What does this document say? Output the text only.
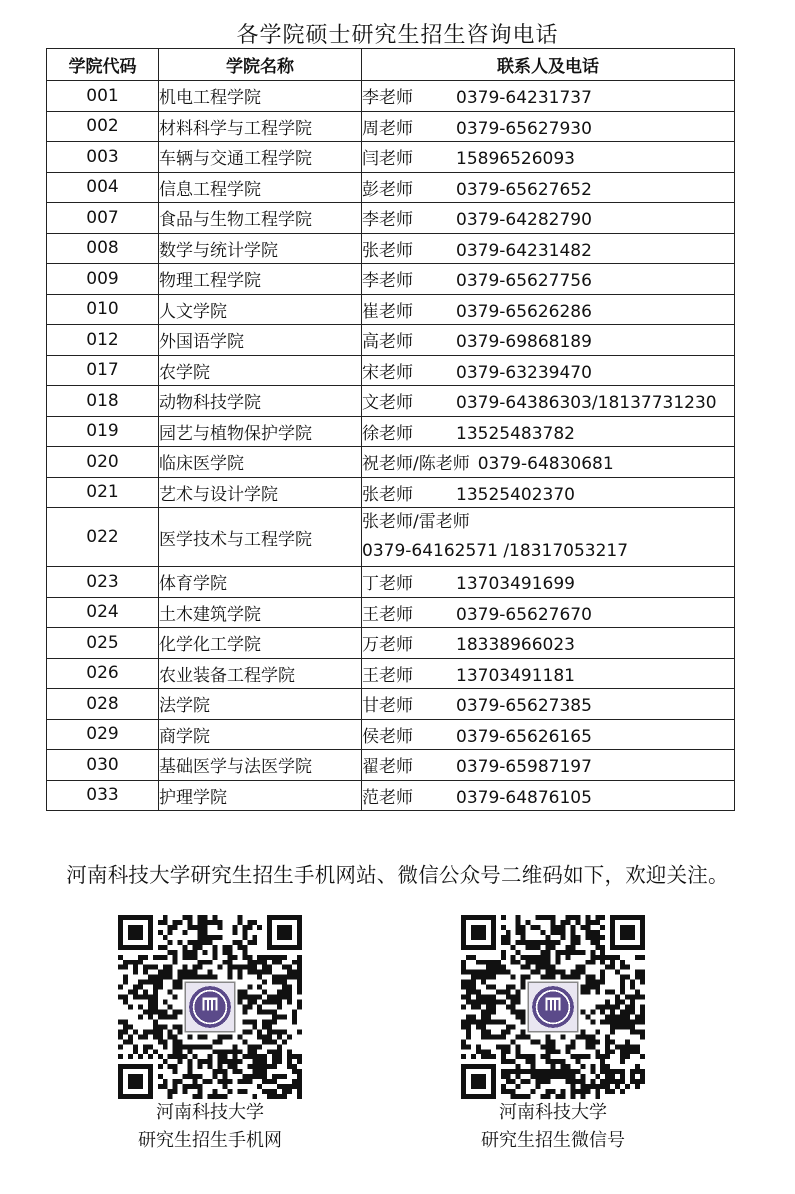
各学院硕士研究生招生咨询电话
学院代码	学院名称	联系人及电话
001	机电工程学院	李老师 0379-64231737
002	材料科学与工程学院	周老师 0379-65627930
003	车辆与交通工程学院	闫老师 15896526093
004	信息工程学院	彭老师 0379-65627652
007	食品与生物工程学院	李老师 0379-64282790
008	数学与统计学院	张老师 0379-64231482
009	物理工程学院	李老师 0379-65627756
010	人文学院	崔老师 0379-65626286
012	外国语学院	高老师 0379-69868189
017	农学院	宋老师 0379-63239470
018	动物科技学院	文老师 0379-64386303/18137731230
019	园艺与植物保护学院	徐老师 13525483782
020	临床医学院	祝老师/陈老师 0379-64830681
021	艺术与设计学院	张老师 13525402370
022	医学技术与工程学院	张老师/雷老师
0379-64162571 /18317053217

023	体育学院	丁老师 13703491699
024	土木建筑学院	王老师 0379-65627670
025	化学化工学院	万老师 18338966023
026	农业装备工程学院	王老师 13703491181
028	法学院	甘老师 0379-65627385
029	商学院	侯老师 0379-65626165
030	基础医学与法医学院	翟老师 0379-65987197
033	护理学院	范老师 0379-64876105
河南科技大学研究生招生手机网站、微信公众号二维码如下，欢迎关注。
河南科技大学
研究生招生手机网
河南科技大学
研究生招生微信号
